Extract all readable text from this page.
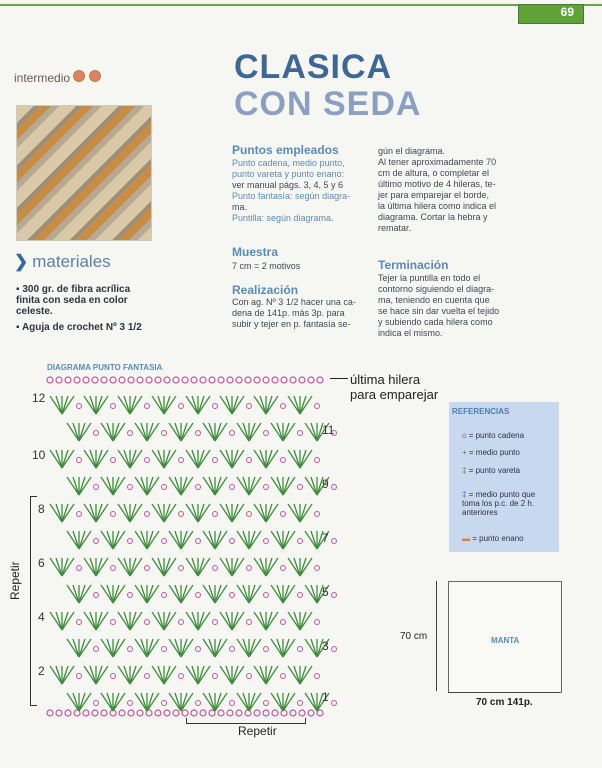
69
intermedio
❯ materiales
▪ 300 gr. de fibra acrílica finita con seda en color celeste.
▪ Aguja de crochet Nº 3 1/2
CLASICA
CON SEDA
Puntos empleados
Punto cadena, medio punto,
punto vareta y punto enano:
ver manual págs. 3, 4, 5 y 6
Punto fantasía: según diagra-
ma.
Puntilla: según diagrama.
Muestra
7 cm = 2 motivos
Realización
Con ag. Nº 3 1/2 hacer una ca-
dena de 141p. más 3p. para
subir y tejer en p. fantasía se-
gún el diagrama.
Al tener aproximadamente 70
cm de altura, o completar el
último motivo de 4 hileras, te-
jer para emparejar el borde,
la última hilera como indica el
diagrama. Cortar la hebra y
rematar.
Terminación
Tejer la puntilla en todo el
contorno siguiendo el diagra-
ma, teniendo en cuenta que
se hace sin dar vuelta el tejido
y subiendo cada hilera como
indica el mismo.
DIAGRAMA PUNTO FANTASIA
12
10
8
6
4
2
11
9
7
5
3
1
última hilera
para emparejar
Repetir
Repetir
REFERENCIAS
o = punto cadena
+ = medio punto
‡ = punto vareta
‡ = medio punto que toma los p.c. de 2 h. anteriores
▬ = punto enano
MANTA
70 cm
70 cm 141p.
